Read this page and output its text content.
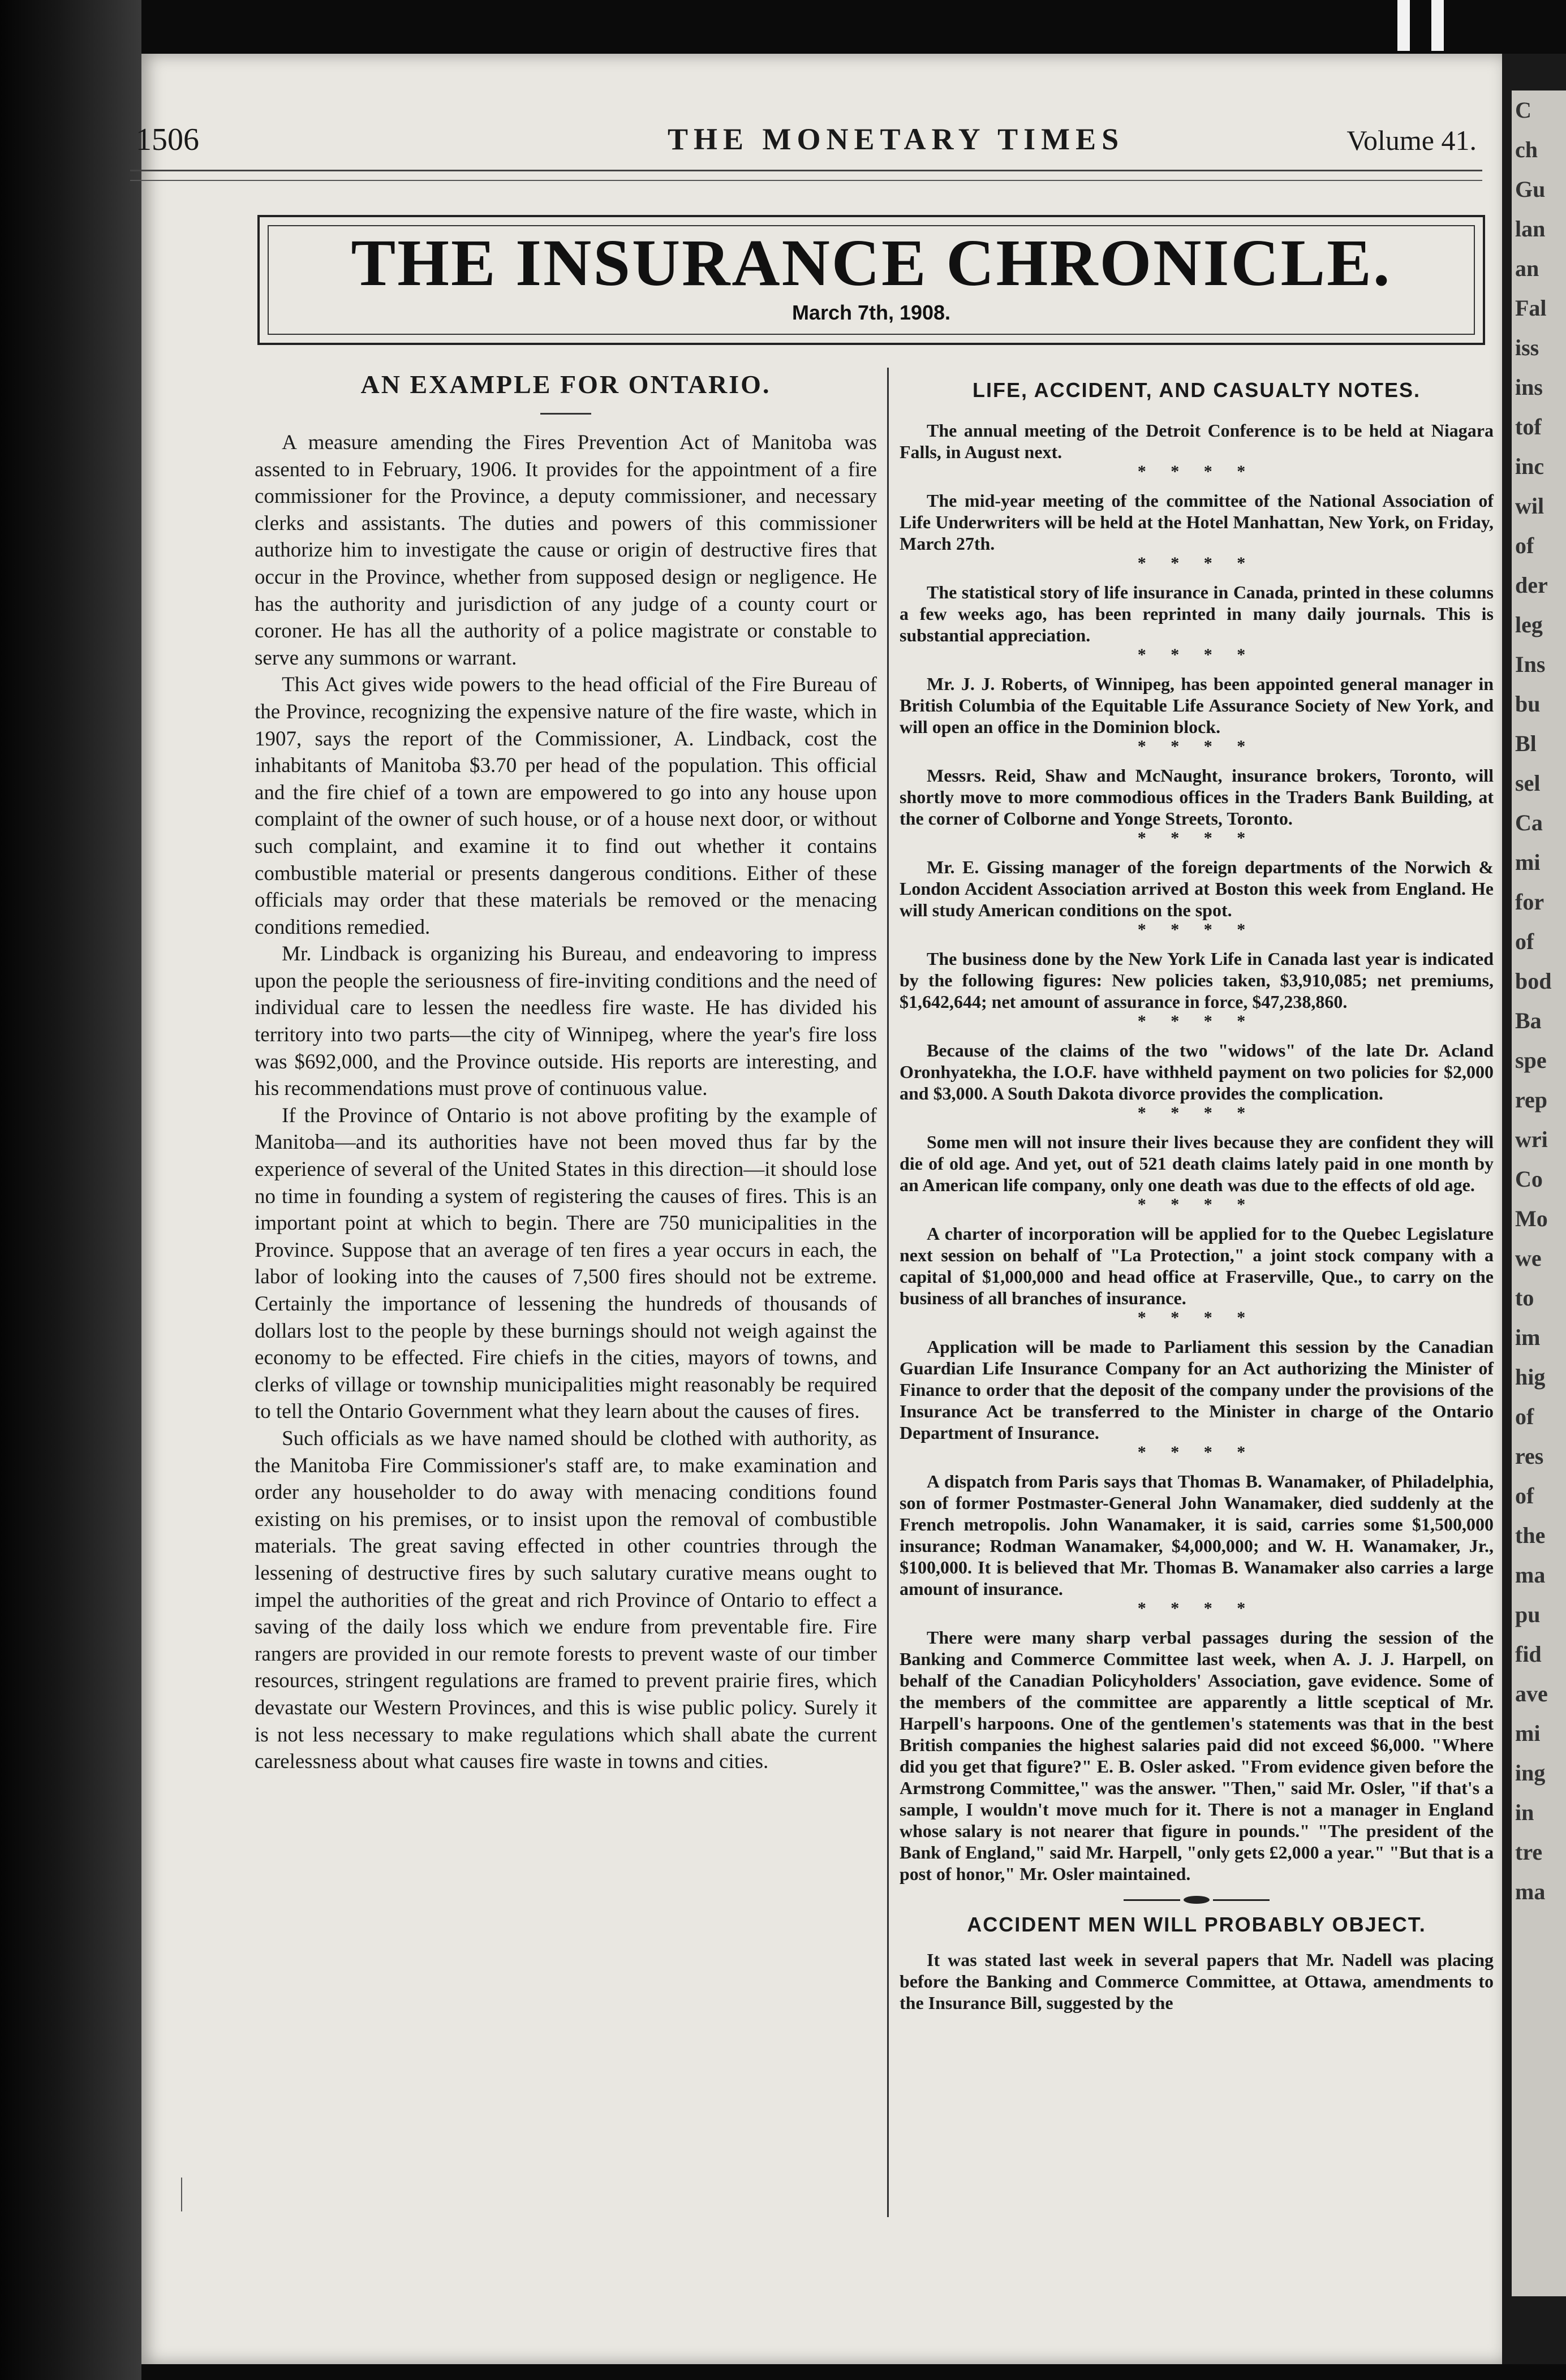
C
ch
Gu
lan
an
Fal
iss
ins
tof
inc
wil
of
der
leg
Ins
bu
Bl
sel
Ca
mi
for
of
bod
Ba
spe
rep
wri
Co
Mo
we
to
im
hig
of
res
of
the
ma
pu
fid
ave
mi
ing
in
tre
ma
1506	THE MONETARY TIMES	Volume 41.
THE INSURANCE CHRONICLE.
March 7th, 1908.
AN EXAMPLE FOR ONTARIO.

A measure amending the Fires Prevention Act of Manitoba was assented to in February, 1906. It provides for the appointment of a fire commissioner for the Province, a deputy commissioner, and necessary clerks and assistants. The duties and powers of this commissioner authorize him to investigate the cause or origin of destructive fires that occur in the Province, whether from supposed design or negligence. He has the authority and jurisdiction of any judge of a county court or coroner. He has all the authority of a police magistrate or constable to serve any summons or warrant.

This Act gives wide powers to the head official of the Fire Bureau of the Province, recognizing the expensive nature of the fire waste, which in 1907, says the report of the Commissioner, A. Lindback, cost the inhabitants of Manitoba $3.70 per head of the population. This official and the fire chief of a town are empowered to go into any house upon complaint of the owner of such house, or of a house next door, or without such complaint, and examine it to find out whether it contains combustible material or presents dangerous conditions. Either of these officials may order that these materials be removed or the menacing conditions remedied.

Mr. Lindback is organizing his Bureau, and endeavoring to impress upon the people the seriousness of fire-inviting conditions and the need of individual care to lessen the needless fire waste. He has divided his territory into two parts—the city of Winnipeg, where the year's fire loss was $692,000, and the Province outside. His reports are interesting, and his recommendations must prove of continuous value.

If the Province of Ontario is not above profiting by the example of Manitoba—and its authorities have not been moved thus far by the experience of several of the United States in this direction—it should lose no time in founding a system of registering the causes of fires. This is an important point at which to begin. There are 750 municipalities in the Province. Suppose that an average of ten fires a year occurs in each, the labor of looking into the causes of 7,500 fires should not be extreme. Certainly the importance of lessening the hundreds of thousands of dollars lost to the people by these burnings should not weigh against the economy to be effected. Fire chiefs in the cities, mayors of towns, and clerks of village or township municipalities might reasonably be required to tell the Ontario Government what they learn about the causes of fires.

Such officials as we have named should be clothed with authority, as the Manitoba Fire Commissioner's staff are, to make examination and order any householder to do away with menacing conditions found existing on his premises, or to insist upon the removal of combustible materials. The great saving effected in other countries through the lessening of destructive fires by such salutary curative means ought to impel the authorities of the great and rich Province of Ontario to effect a saving of the daily loss which we endure from preventable fire. Fire rangers are provided in our remote forests to prevent waste of our timber resources, stringent regulations are framed to prevent prairie fires, which devastate our Western Provinces, and this is wise public policy. Surely it is not less necessary to make regulations which shall abate the current carelessness about what causes fire waste in towns and cities.

LIFE, ACCIDENT, AND CASUALTY NOTES.

The annual meeting of the Detroit Conference is to be held at Niagara Falls, in August next.

* * * *

The mid-year meeting of the committee of the National Association of Life Underwriters will be held at the Hotel Manhattan, New York, on Friday, March 27th.

* * * *

The statistical story of life insurance in Canada, printed in these columns a few weeks ago, has been reprinted in many daily journals. This is substantial appreciation.

* * * *

Mr. J. J. Roberts, of Winnipeg, has been appointed general manager in British Columbia of the Equitable Life Assurance Society of New York, and will open an office in the Dominion block.

* * * *

Messrs. Reid, Shaw and McNaught, insurance brokers, Toronto, will shortly move to more commodious offices in the Traders Bank Building, at the corner of Colborne and Yonge Streets, Toronto.

* * * *

Mr. E. Gissing manager of the foreign departments of the Norwich & London Accident Association arrived at Boston this week from England. He will study American conditions on the spot.

* * * *

The business done by the New York Life in Canada last year is indicated by the following figures: New policies taken, $3,910,085; net premiums, $1,642,644; net amount of assurance in force, $47,238,860.

* * * *

Because of the claims of the two "widows" of the late Dr. Acland Oronhyatekha, the I.O.F. have withheld payment on two policies for $2,000 and $3,000. A South Dakota divorce provides the complication.

* * * *

Some men will not insure their lives because they are confident they will die of old age. And yet, out of 521 death claims lately paid in one month by an American life company, only one death was due to the effects of old age.

* * * *

A charter of incorporation will be applied for to the Quebec Legislature next session on behalf of "La Protection," a joint stock company with a capital of $1,000,000 and head office at Fraserville, Que., to carry on the business of all branches of insurance.

* * * *

Application will be made to Parliament this session by the Canadian Guardian Life Insurance Company for an Act authorizing the Minister of Finance to order that the deposit of the company under the provisions of the Insurance Act be transferred to the Minister in charge of the Ontario Department of Insurance.

* * * *

A dispatch from Paris says that Thomas B. Wanamaker, of Philadelphia, son of former Postmaster-General John Wanamaker, died suddenly at the French metropolis. John Wanamaker, it is said, carries some $1,500,000 insurance; Rodman Wanamaker, $4,000,000; and W. H. Wanamaker, Jr., $100,000. It is believed that Mr. Thomas B. Wanamaker also carries a large amount of insurance.

* * * *

There were many sharp verbal passages during the session of the Banking and Commerce Committee last week, when A. J. J. Harpell, on behalf of the Canadian Policyholders' Association, gave evidence. Some of the members of the committee are apparently a little sceptical of Mr. Harpell's harpoons. One of the gentlemen's statements was that in the best British companies the highest salaries paid did not exceed $6,000. "Where did you get that figure?" E. B. Osler asked. "From evidence given before the Armstrong Committee," was the answer. "Then," said Mr. Osler, "if that's a sample, I wouldn't move much for it. There is not a manager in England whose salary is not nearer that figure in pounds." "The president of the Bank of England," said Mr. Harpell, "only gets £2,000 a year." "But that is a post of honor," Mr. Osler maintained.

ACCIDENT MEN WILL PROBABLY OBJECT.

It was stated last week in several papers that Mr. Nadell was placing before the Banking and Commerce Committee, at Ottawa, amendments to the Insurance Bill, suggested by the
